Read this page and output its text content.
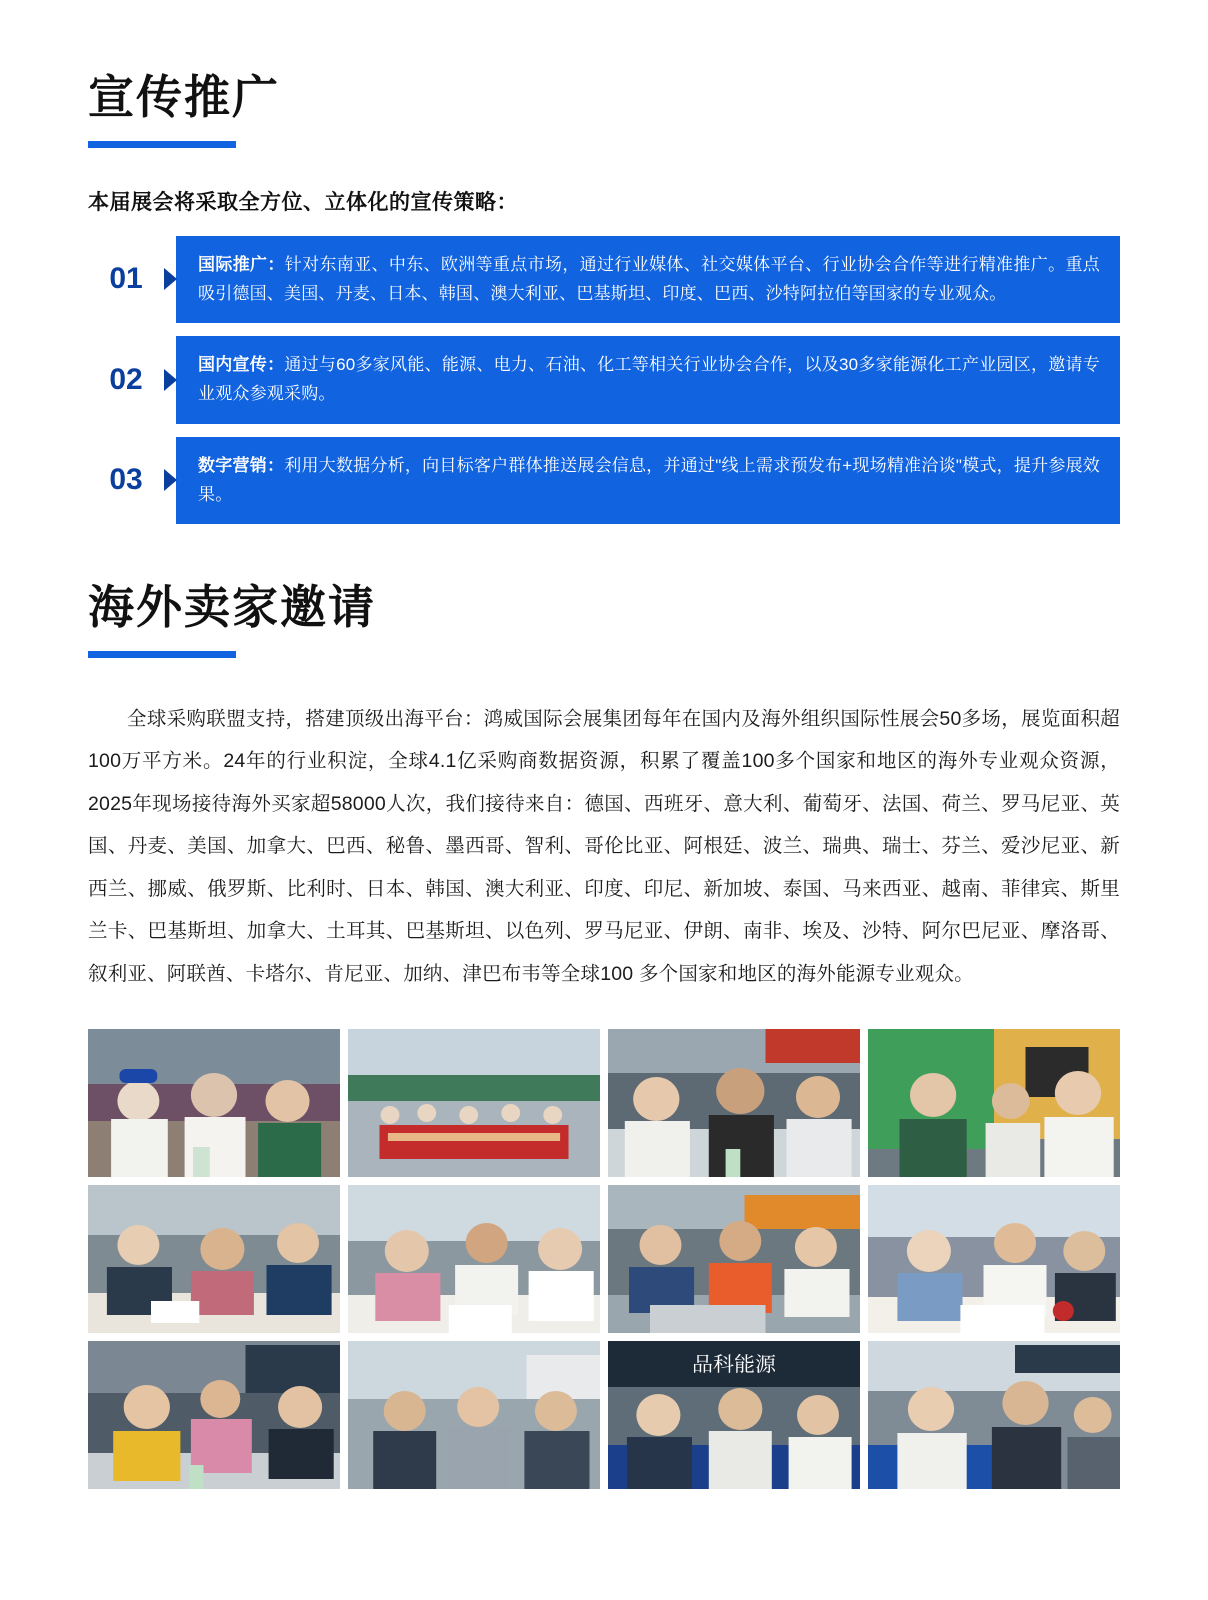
宣传推广
本届展会将采取全方位、立体化的宣传策略：
01	国际推广：针对东南亚、中东、欧洲等重点市场，通过行业媒体、社交媒体平台、行业协会合作等进行精准推广。重点吸引德国、美国、丹麦、日本、韩国、澳大利亚、巴基斯坦、印度、巴西、沙特阿拉伯等国家的专业观众。
02	国内宣传：通过与60多家风能、能源、电力、石油、化工等相关行业协会合作，以及30多家能源化工产业园区，邀请专业观众参观采购。
03	数字营销：利用大数据分析，向目标客户群体推送展会信息，并通过"线上需求预发布+现场精准洽谈"模式，提升参展效果。
海外卖家邀请

全球采购联盟支持，搭建顶级出海平台：鸿威国际会展集团每年在国内及海外组织国际性展会50多场，展览面积超100万平方米。24年的行业积淀，全球4.1亿采购商数据资源，积累了覆盖100多个国家和地区的海外专业观众资源，2025年现场接待海外买家超58000人次，我们接待来自：德国、西班牙、意大利、葡萄牙、法国、荷兰、罗马尼亚、英国、丹麦、美国、加拿大、巴西、秘鲁、墨西哥、智利、哥伦比亚、阿根廷、波兰、瑞典、瑞士、芬兰、爱沙尼亚、新西兰、挪威、俄罗斯、比利时、日本、韩国、澳大利亚、印度、印尼、新加坡、泰国、马来西亚、越南、菲律宾、斯里兰卡、巴基斯坦、加拿大、土耳其、巴基斯坦、以色列、罗马尼亚、伊朗、南非、埃及、沙特、阿尔巴尼亚、摩洛哥、叙利亚、阿联酋、卡塔尔、肯尼亚、加纳、津巴布韦等全球100 多个国家和地区的海外能源专业观众。

品科能源
